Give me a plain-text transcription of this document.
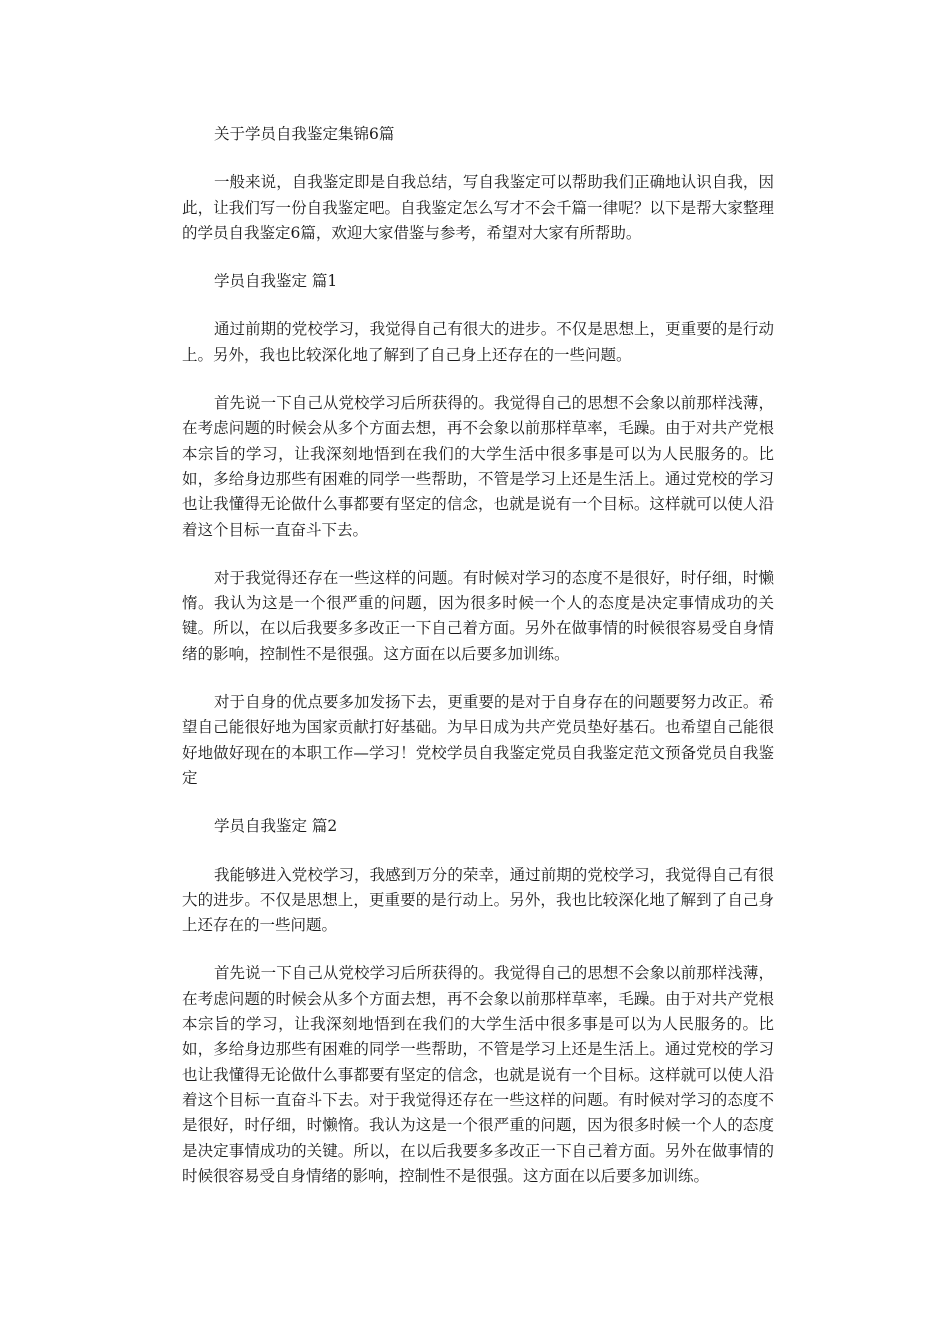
关于学员自我鉴定集锦6篇

一般来说，自我鉴定即是自我总结，写自我鉴定可以帮助我们正确地认识自我，因此，让我们写一份自我鉴定吧。自我鉴定怎么写才不会千篇一律呢？以下是帮大家整理的学员自我鉴定6篇，欢迎大家借鉴与参考，希望对大家有所帮助。

学员自我鉴定 篇1

通过前期的党校学习，我觉得自己有很大的进步。不仅是思想上，更重要的是行动上。另外，我也比较深化地了解到了自己身上还存在的一些问题。

首先说一下自己从党校学习后所获得的。我觉得自己的思想不会象以前那样浅薄，在考虑问题的时候会从多个方面去想，再不会象以前那样草率，毛躁。由于对共产党根本宗旨的学习，让我深刻地悟到在我们的大学生活中很多事是可以为人民服务的。比如，多给身边那些有困难的同学一些帮助，不管是学习上还是生活上。通过党校的学习也让我懂得无论做什么事都要有坚定的信念，也就是说有一个目标。这样就可以使人沿着这个目标一直奋斗下去。

对于我觉得还存在一些这样的问题。有时候对学习的态度不是很好，时仔细，时懒惰。我认为这是一个很严重的问题，因为很多时候一个人的态度是决定事情成功的关键。所以，在以后我要多多改正一下自己着方面。另外在做事情的时候很容易受自身情绪的影响，控制性不是很强。这方面在以后要多加训练。

对于自身的优点要多加发扬下去，更重要的是对于自身存在的问题要努力改正。希望自己能很好地为国家贡献打好基础。为早日成为共产党员垫好基石。也希望自己能很好地做好现在的本职工作—学习！党校学员自我鉴定党员自我鉴定范文预备党员自我鉴定

学员自我鉴定 篇2

我能够进入党校学习，我感到万分的荣幸，通过前期的党校学习，我觉得自己有很大的进步。不仅是思想上，更重要的是行动上。另外，我也比较深化地了解到了自己身上还存在的一些问题。

首先说一下自己从党校学习后所获得的。我觉得自己的思想不会象以前那样浅薄，在考虑问题的时候会从多个方面去想，再不会象以前那样草率，毛躁。由于对共产党根本宗旨的学习，让我深刻地悟到在我们的大学生活中很多事是可以为人民服务的。比如，多给身边那些有困难的同学一些帮助，不管是学习上还是生活上。通过党校的学习也让我懂得无论做什么事都要有坚定的信念，也就是说有一个目标。这样就可以使人沿着这个目标一直奋斗下去。对于我觉得还存在一些这样的问题。有时候对学习的态度不是很好，时仔细，时懒惰。我认为这是一个很严重的问题，因为很多时候一个人的态度是决定事情成功的关键。所以，在以后我要多多改正一下自己着方面。另外在做事情的时候很容易受自身情绪的影响，控制性不是很强。这方面在以后要多加训练。
